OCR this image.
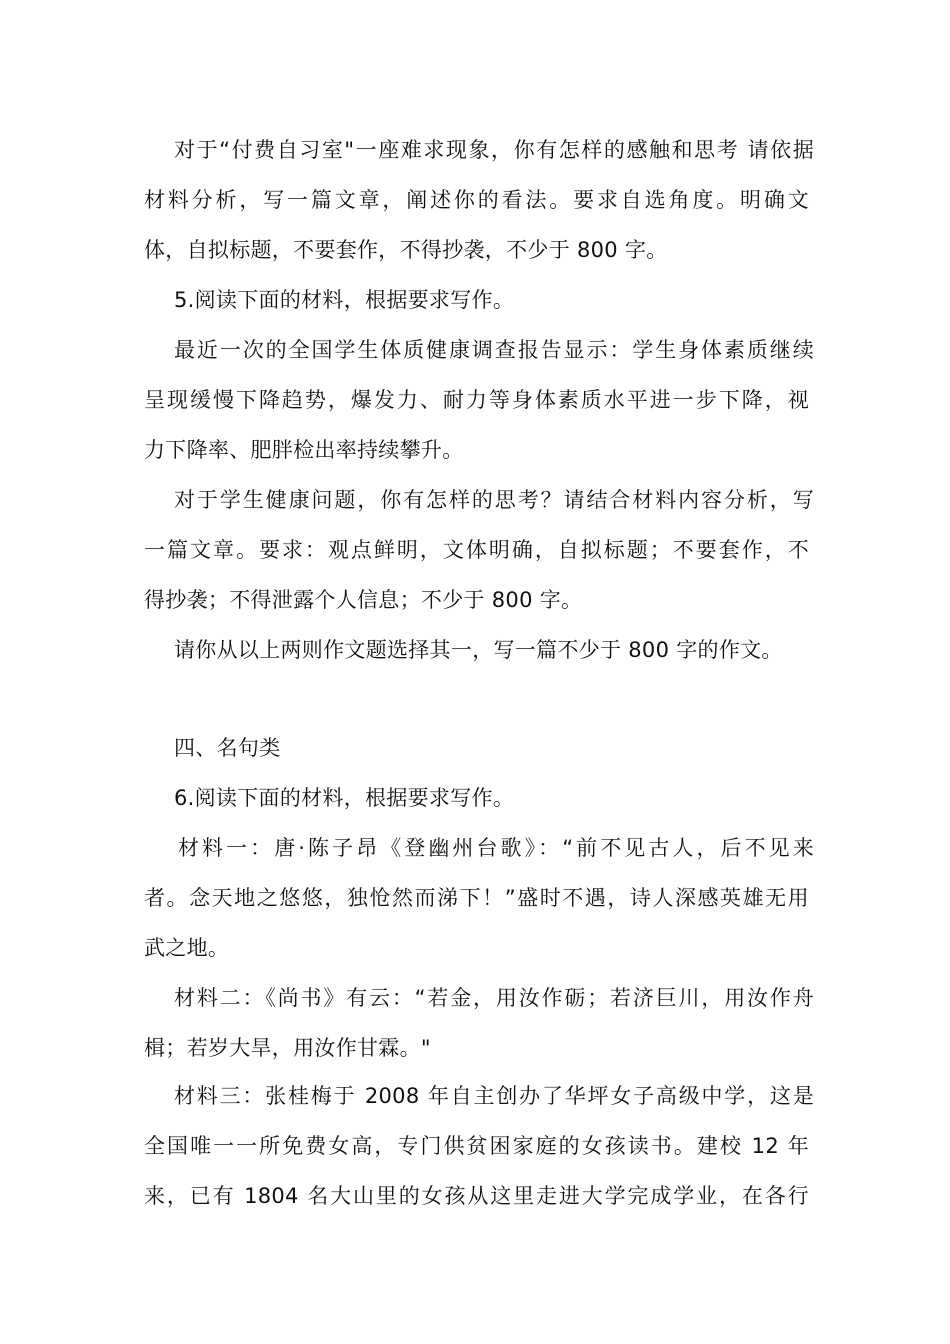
对于“付费自习室"一座难求现象，你有怎样的感触和思考 请依据
材料分析，写一篇文章，阐述你的看法。要求自选角度。明确文
体，自拟标题，不要套作，不得抄袭，不少于 800 字。
5.阅读下面的材料，根据要求写作。
最近一次的全国学生体质健康调查报告显示：学生身体素质继续
呈现缓慢下降趋势，爆发力、耐力等身体素质水平进一步下降，视
力下降率、肥胖检出率持续攀升。
对于学生健康问题，你有怎样的思考？请结合材料内容分析，写
一篇文章。要求：观点鲜明，文体明确，自拟标题；不要套作，不
得抄袭；不得泄露个人信息；不少于 800 字。
请你从以上两则作文题选择其一，写一篇不少于 800 字的作文。
四、名句类
6.阅读下面的材料，根据要求写作。
材料一：唐·陈子昂《登幽州台歌》：“前不见古人，后不见来
者。念天地之悠悠，独怆然而涕下！”盛时不遇，诗人深感英雄无用
武之地。
材料二：《尚书》有云：“若金，用汝作砺；若济巨川，用汝作舟
楫；若岁大旱，用汝作甘霖。"
材料三：张桂梅于 2008 年自主创办了华坪女子高级中学，这是
全国唯一一所免费女高，专门供贫困家庭的女孩读书。建校 12 年
来，已有 1804 名大山里的女孩从这里走进大学完成学业，在各行
